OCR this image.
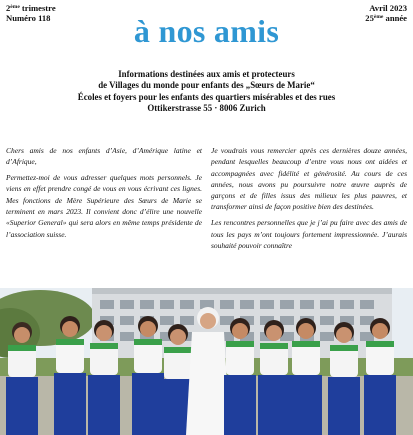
2ème trimestre
Numéro 118	à nos amis
Avril 2023
25ème année
Informations destinées aux amis et protecteurs
de Villages du monde pour enfants des „Sœurs de Marie“
Écoles et foyers pour les enfants des quartiers misérables et des rues
Ottikerstrasse 55 · 8006 Zurich

Chers amis de nos enfants d’Asie, d’Amérique latine et d’Afrique,

Permettez-moi de vous adresser quelques mots personnels. Je viens en effet prendre congé de vous en vous écrivant ces lignes. Mes fonctions de Mère Supérieure des Sœurs de Marie se terminent en mars 2023. Il convient donc d’élire une nouvelle «Superior General» qui sera alors en même temps présidente de l’association suisse.

Je voudrais vous remercier après ces dernières douze années, pendant lesquelles beaucoup d’entre vous nous ont aidées et accompagnées avec fidélité et générosité. Au cours de ces années, nous avons pu poursuivre notre œuvre auprès de garçons et de filles issus des milieux les plus pauvres, et transformer ainsi de façon positive bien des destinées.

Les rencontres personnelles que je j’ai pu faire avec des amis de tous les pays m’ont toujours fortement impressionnée. J’aurais souhaité pouvoir connaître
